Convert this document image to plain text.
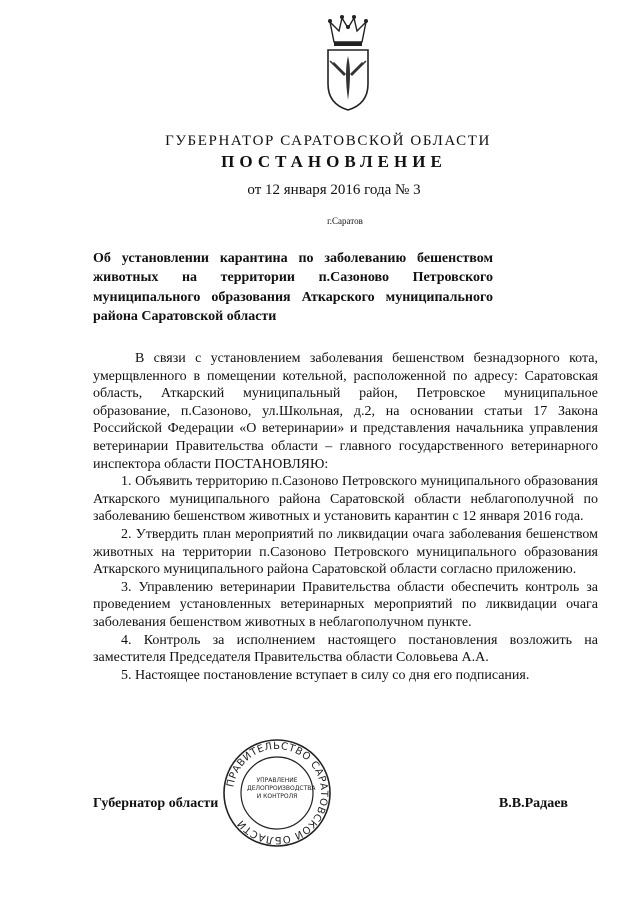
ГУБЕРНАТОР САРАТОВСКОЙ ОБЛАСТИ
ПОСТАНОВЛЕНИЕ
от 12 января 2016 года № 3
г.Саратов
Об установлении карантина по заболеванию бешенством животных на территории п.Сазоново Петровского муниципального образования Аткарского муниципального района Саратовской области

В связи с установлением заболевания бешенством безнадзорного кота, умерщвленного в помещении котельной, расположенной по адресу: Саратовская область, Аткарский муниципальный район, Петровское муниципальное образование, п.Сазоново, ул.Школьная, д.2, на основании статьи 17 Закона Российской Федерации «О ветеринарии» и представления начальника управления ветеринарии Правительства области – главного государственного ветеринарного инспектора области ПОСТАНОВЛЯЮ:

1. Объявить территорию п.Сазоново Петровского муниципального образования Аткарского муниципального района Саратовской области неблагополучной по заболеванию бешенством животных и установить карантин с 12 января 2016 года.

2. Утвердить план мероприятий по ликвидации очага заболевания бешенством животных на территории п.Сазоново Петровского муниципального образования Аткарского муниципального района Саратовской области согласно приложению.

3. Управлению ветеринарии Правительства области обеспечить контроль за проведением установленных ветеринарных мероприятий по ликвидации очага заболевания бешенством животных в неблагополучном пункте.

4. Контроль за исполнением настоящего постановления возложить на заместителя Председателя Правительства области Соловьева А.А.

5. Настоящее постановление вступает в силу со дня его подписания.

ПРАВИТЕЛЬСТВО САРАТОВСКОЙ ОБЛАСТИ
УПРАВЛЕНИЕ ДЕЛОПРОИЗВОДСТВА И КОНТРОЛЯ
Губернатор области	В.В.Радаев
